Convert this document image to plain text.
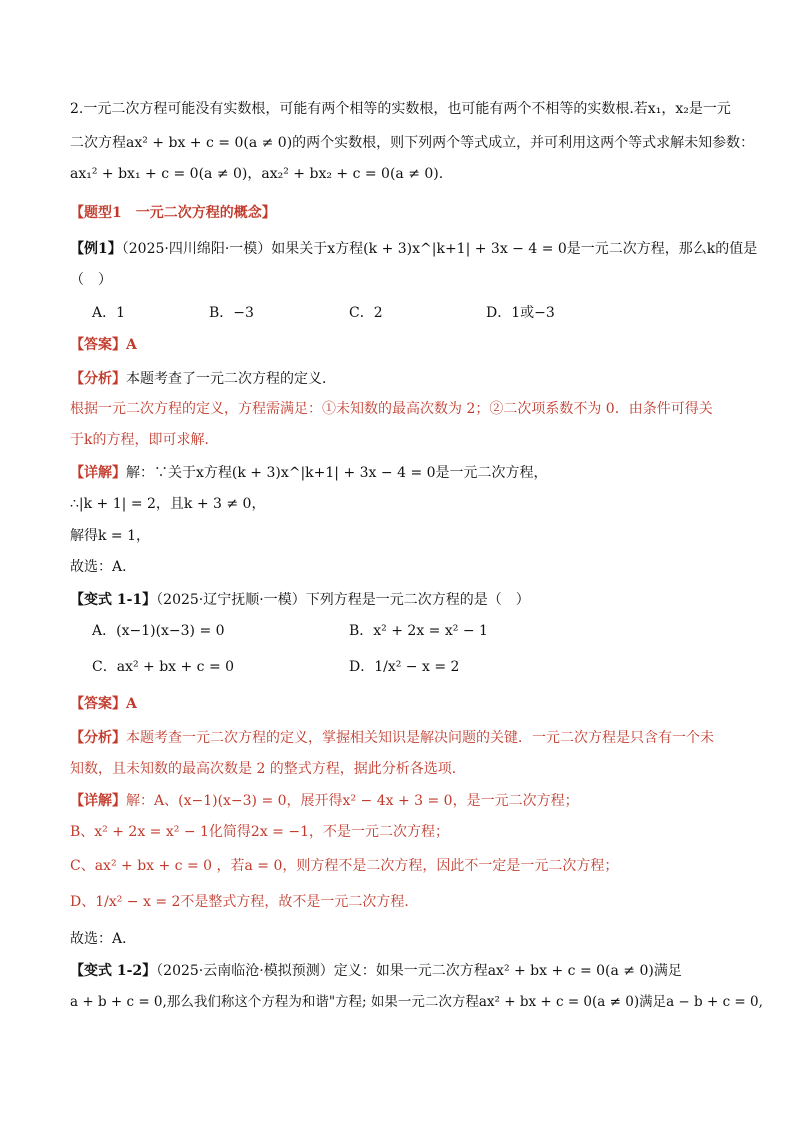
2.一元二次方程可能没有实数根，可能有两个相等的实数根，也可能有两个不相等的实数根.若x₁，x₂是一元
二次方程ax² + bx + c = 0(a ≠ 0)的两个实数根，则下列两个等式成立，并可利用这两个等式求解未知参数：
ax₁² + bx₁ + c = 0(a ≠ 0)，ax₂² + bx₂ + c = 0(a ≠ 0).
【题型1　一元二次方程的概念】
【例1】（2025·四川绵阳·一模）如果关于x方程(k + 3)x^|k+1| + 3x − 4 = 0是一元二次方程，那么k的值是
（　）
A．1	B．−3	C．2	D．1或−3
【答案】A
【分析】本题考查了一元二次方程的定义．
根据一元二次方程的定义，方程需满足：①未知数的最高次数为 2；②二次项系数不为 0．由条件可得关
于k的方程，即可求解．
【详解】解：∵关于x方程(k + 3)x^|k+1| + 3x − 4 = 0是一元二次方程，
∴|k + 1| = 2，且k + 3 ≠ 0，
解得k = 1，
故选：A．
【变式 1-1】（2025·辽宁抚顺·一模）下列方程是一元二次方程的是（　）
A．(x−1)(x−3) = 0	B．x² + 2x = x² − 1
C．ax² + bx + c = 0	D．1/x² − x = 2
【答案】A
【分析】本题考查一元二次方程的定义，掌握相关知识是解决问题的关键．一元二次方程是只含有一个未
知数，且未知数的最高次数是 2 的整式方程，据此分析各选项．
【详解】解：A、(x−1)(x−3) = 0，展开得x² − 4x + 3 = 0，是一元二次方程；
B、x² + 2x = x² − 1化简得2x = −1，不是一元二次方程；
C、ax² + bx + c = 0 ，若a = 0，则方程不是二次方程，因此不一定是一元二次方程；
D、1/x² − x = 2不是整式方程，故不是一元二次方程．
故选：A．
【变式 1-2】（2025·云南临沧·模拟预测）定义：如果一元二次方程ax² + bx + c = 0(a ≠ 0)满足
a + b + c = 0,那么我们称这个方程为和谐"方程; 如果一元二次方程ax² + bx + c = 0(a ≠ 0)满足a − b + c = 0,
